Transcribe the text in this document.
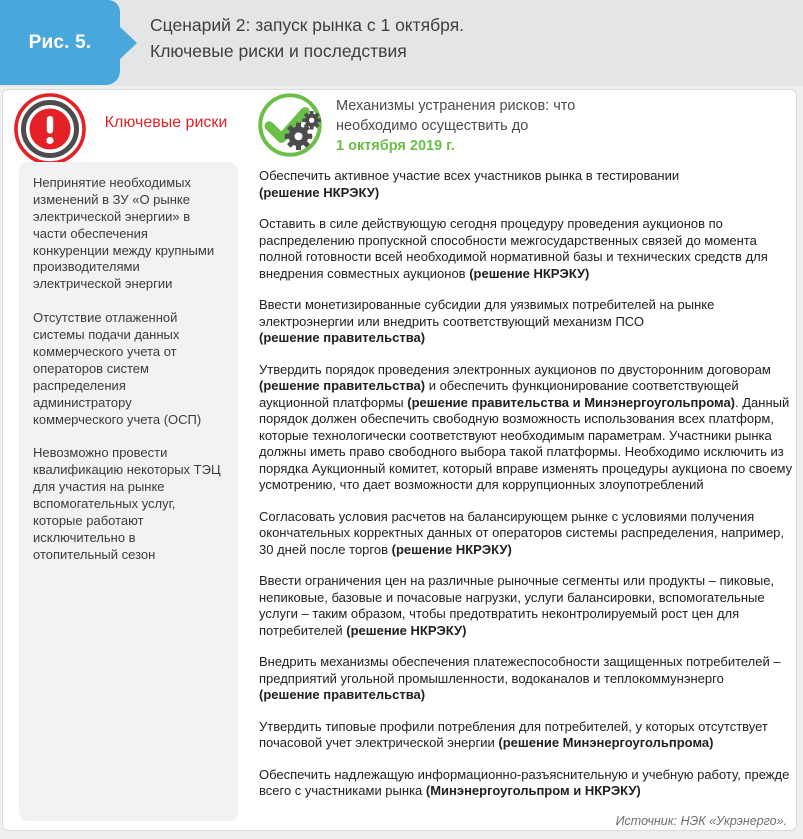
Рис. 5.
Сценарий 2: запуск рынка с 1 октября.
Ключевые риски и последствия
Ключевые риски

Непринятие необходимых изменений в ЗУ «О рынке электрической энергии» в части обеспечения конкуренции между крупными производителями электрической энергии

Отсутствие отлаженной системы подачи данных коммерческого учета от операторов систем распределения администратору коммерческого учета (ОСП)

Невозможно провести квалификацию некоторых ТЭЦ для участия на рынке вспомогательных услуг, которые работают исключительно в отопительный сезон

Механизмы устранения рисков: что необходимо осуществить до
1 октября 2019 г.

Обеспечить активное участие всех участников рынка в тестировании
(решение НКРЭКУ)

Оставить в силе действующую сегодня процедуру проведения аукционов по распределению пропускной способности межгосударственных связей до момента полной готовности всей необходимой нормативной базы и технических средств для внедрения совместных аукционов (решение НКРЭКУ)

Ввести монетизированные субсидии для уязвимых потребителей на рынке электроэнергии или внедрить соответствующий механизм ПСО
(решение правительства)

Утвердить порядок проведения электронных аукционов по двусторонним договорам
(решение правительства) и обеспечить функционирование соответствующей аукционной платформы (решение правительства и Минэнергоугольпрома). Данный порядок должен обеспечить свободную возможность использования всех платформ, которые технологически соответствуют необходимым параметрам. Участники рынка должны иметь право свободного выбора такой платформы. Необходимо исключить из порядка Аукционный комитет, который вправе изменять процедуры аукциона по своему усмотрению, что дает возможности для коррупционных злоупотреблений

Согласовать условия расчетов на балансирующем рынке с условиями получения окончательных корректных данных от операторов системы распределения, например, 30 дней после торгов (решение НКРЭКУ)

Ввести ограничения цен на различные рыночные сегменты или продукты – пиковые, непиковые, базовые и почасовые нагрузки, услуги балансировки, вспомогательные услуги – таким образом, чтобы предотвратить неконтролируемый рост цен для потребителей (решение НКРЭКУ)

Внедрить механизмы обеспечения платежеспособности защищенных потребителей – предприятий угольной промышленности, водоканалов и теплокоммунэнерго
(решение правительства)

Утвердить типовые профили потребления для потребителей, у которых отсутствует почасовой учет электрической энергии (решение Минэнергоугольпрома)

Обеспечить надлежащую информационно-разъяснительную и учебную работу, прежде всего с участниками рынка (Минэнергоугольпром и НКРЭКУ)

Источник: НЭК «Укрэнерго».
